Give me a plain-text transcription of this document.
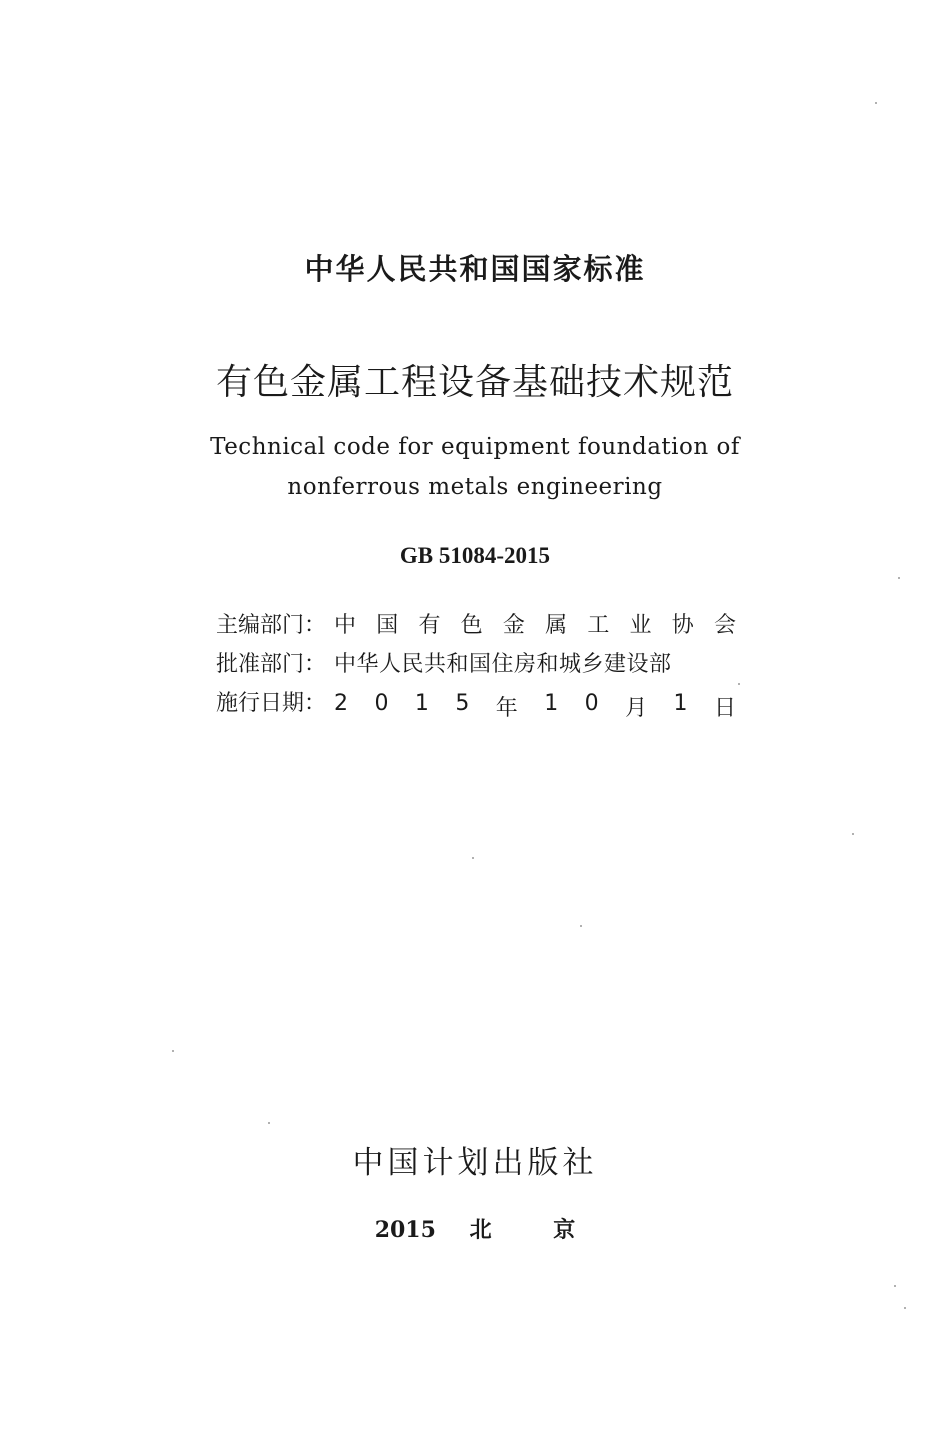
中华人民共和国国家标准
有色金属工程设备基础技术规范
Technical code for equipment foundation of
nonferrous metals engineering
GB 51084-2015
主编部门： 中 国 有 色 金 属 工 业 协 会
批准部门： 中华人民共和国住房和城乡建设部
施行日期： 2 0 1 5 年 1 0 月 1 日
中国计划出版社
2015 北	京
